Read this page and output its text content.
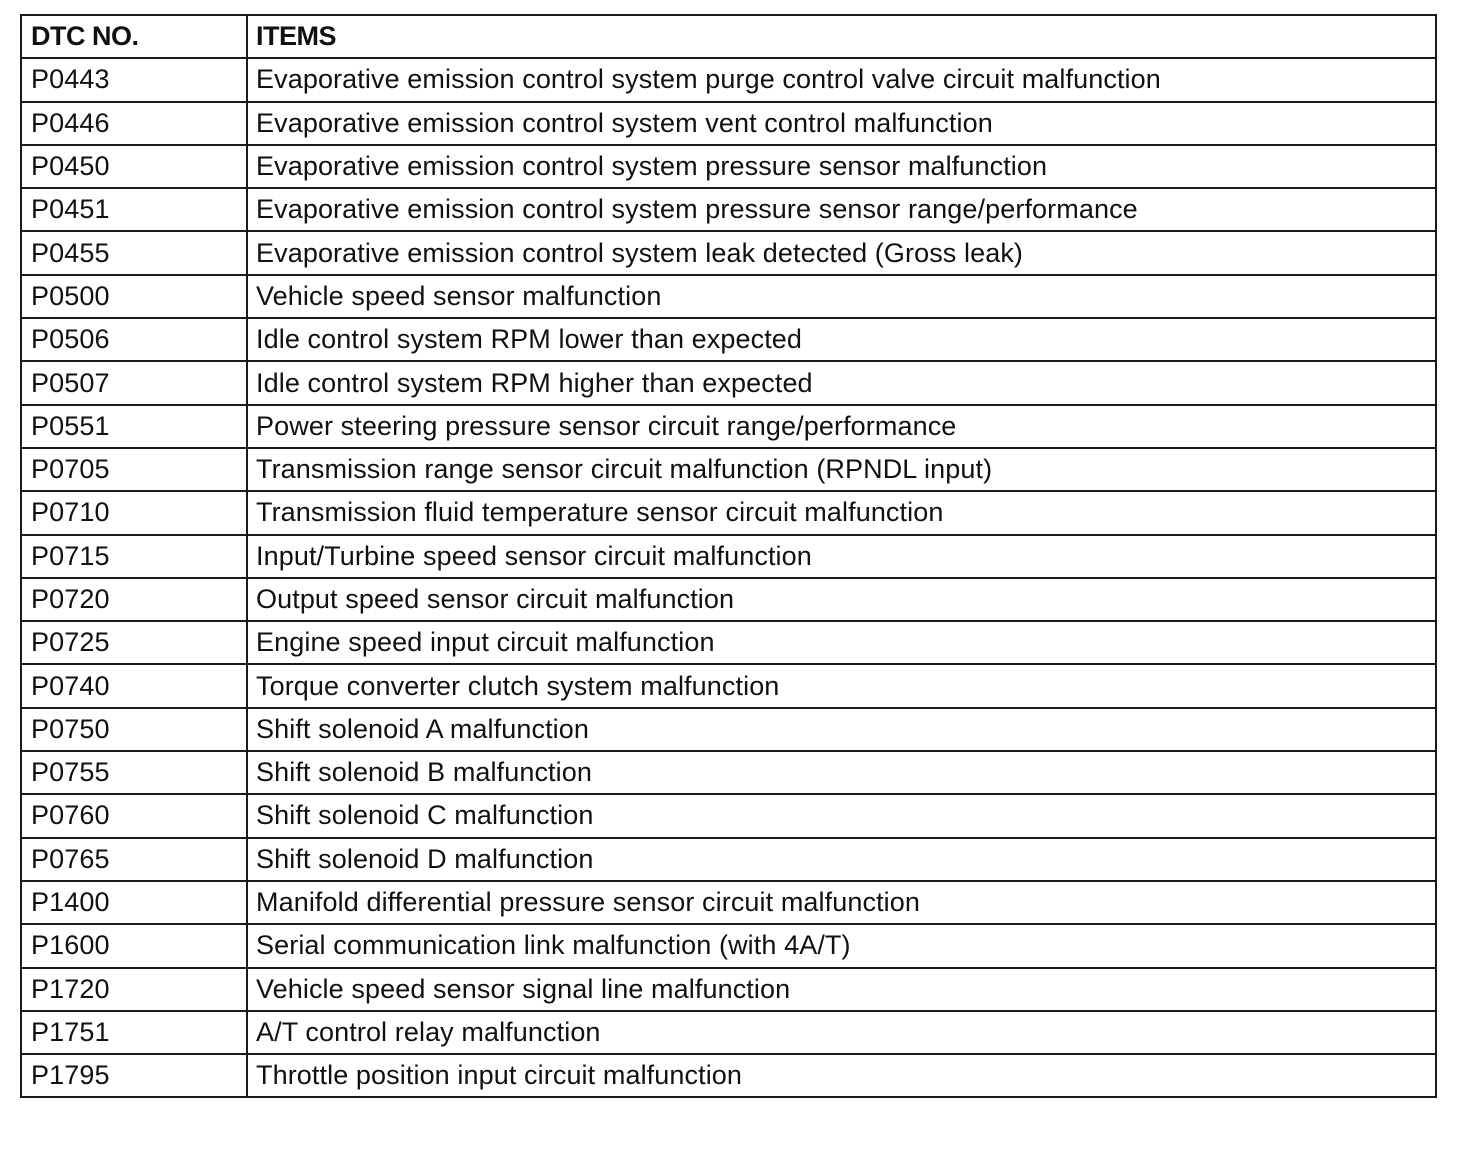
DTC NO.	ITEMS
P0443	Evaporative emission control system purge control valve circuit malfunction
P0446	Evaporative emission control system vent control malfunction
P0450	Evaporative emission control system pressure sensor malfunction
P0451	Evaporative emission control system pressure sensor range/performance
P0455	Evaporative emission control system leak detected (Gross leak)
P0500	Vehicle speed sensor malfunction
P0506	Idle control system RPM lower than expected
P0507	Idle control system RPM higher than expected
P0551	Power steering pressure sensor circuit range/performance
P0705	Transmission range sensor circuit malfunction (RPNDL input)
P0710	Transmission fluid temperature sensor circuit malfunction
P0715	Input/Turbine speed sensor circuit malfunction
P0720	Output speed sensor circuit malfunction
P0725	Engine speed input circuit malfunction
P0740	Torque converter clutch system malfunction
P0750	Shift solenoid A malfunction
P0755	Shift solenoid B malfunction
P0760	Shift solenoid C malfunction
P0765	Shift solenoid D malfunction
P1400	Manifold differential pressure sensor circuit malfunction
P1600	Serial communication link malfunction (with 4A/T)
P1720	Vehicle speed sensor signal line malfunction
P1751	A/T control relay malfunction
P1795	Throttle position input circuit malfunction
